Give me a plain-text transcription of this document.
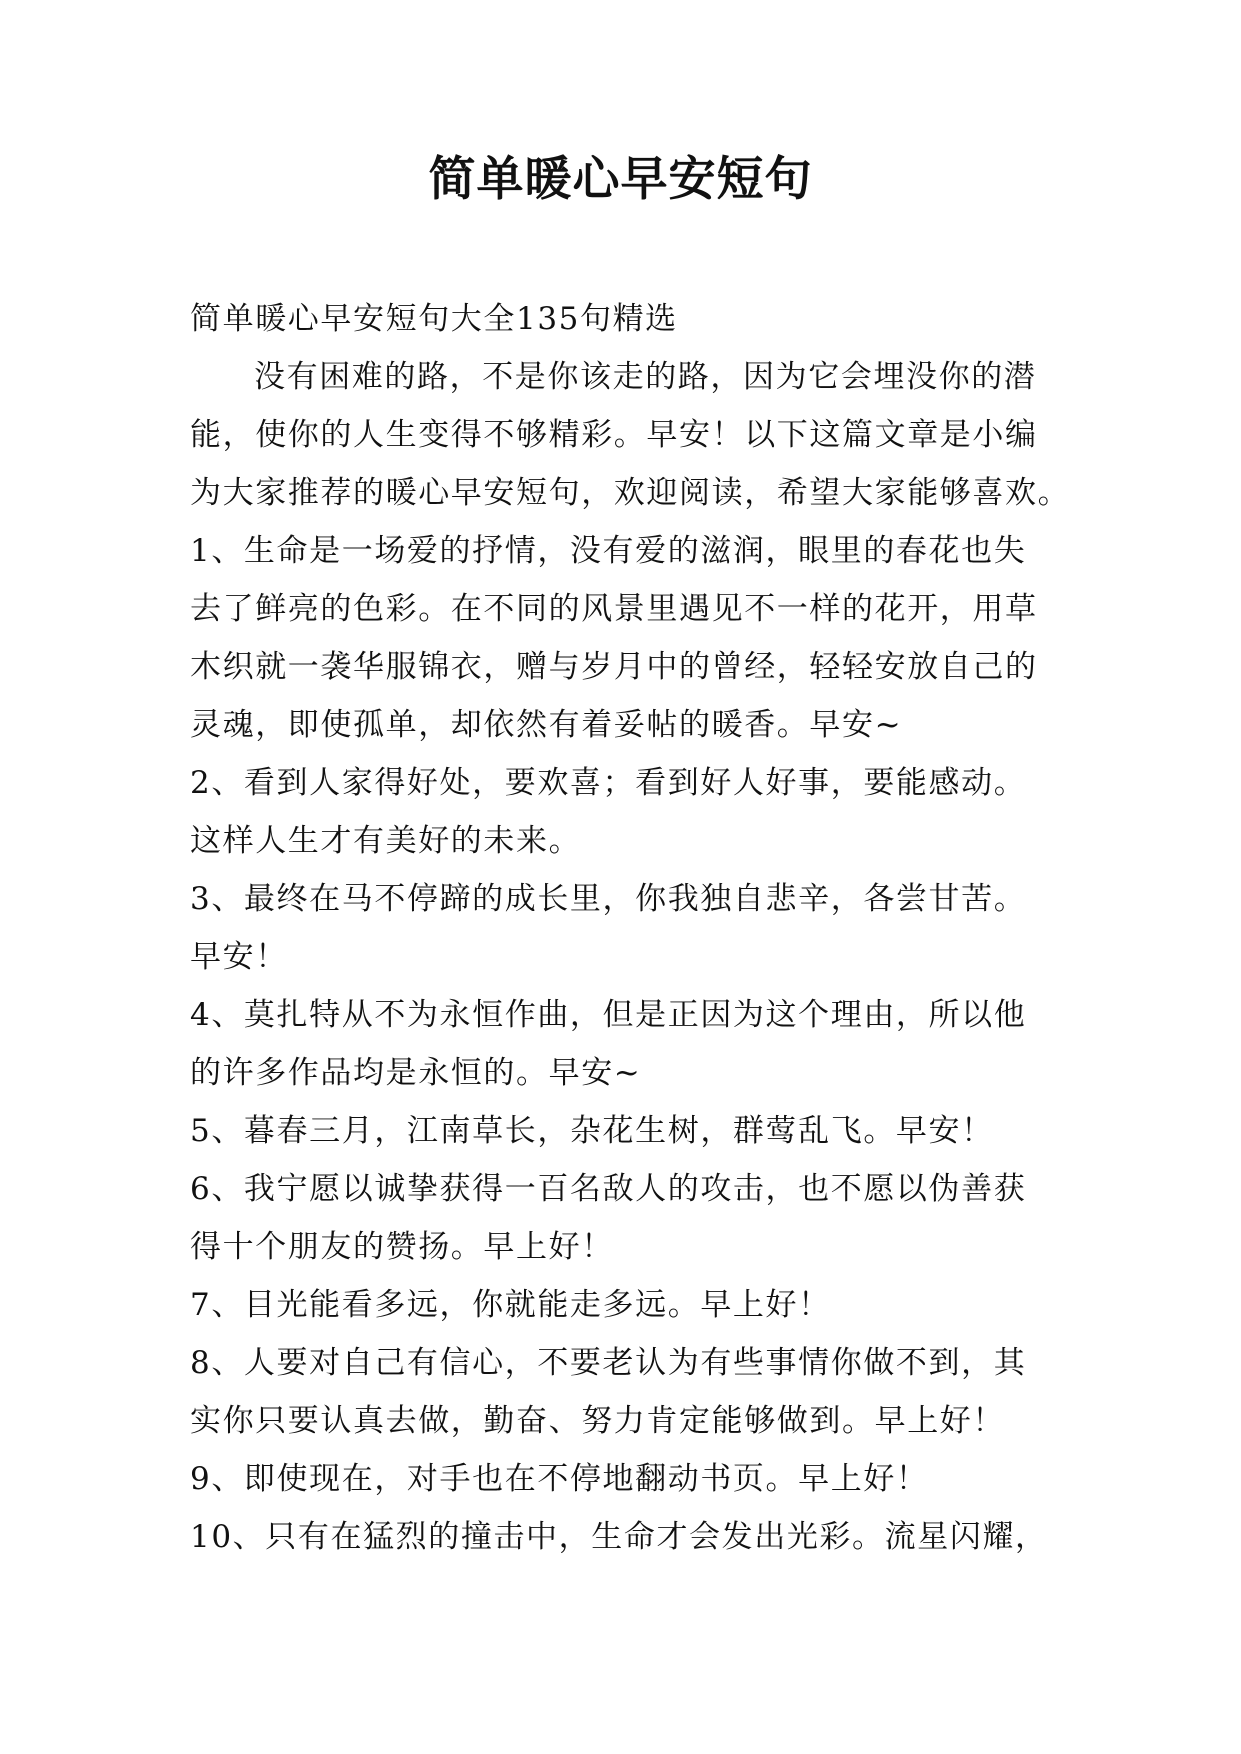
简单暖心早安短句
简单暖心早安短句大全135句精选
没有困难的路，不是你该走的路，因为它会埋没你的潜
能，使你的人生变得不够精彩。早安！以下这篇文章是小编
为大家推荐的暖心早安短句，欢迎阅读，希望大家能够喜欢。
1、生命是一场爱的抒情，没有爱的滋润，眼里的春花也失
去了鲜亮的色彩。在不同的风景里遇见不一样的花开，用草
木织就一袭华服锦衣，赠与岁月中的曾经，轻轻安放自己的
灵魂，即使孤单，却依然有着妥帖的暖香。早安~
2、看到人家得好处，要欢喜；看到好人好事，要能感动。
这样人生才有美好的未来。
3、最终在马不停蹄的成长里，你我独自悲辛，各尝甘苦。
早安！
4、莫扎特从不为永恒作曲，但是正因为这个理由，所以他
的许多作品均是永恒的。早安~
5、暮春三月，江南草长，杂花生树，群莺乱飞。早安！
6、我宁愿以诚挚获得一百名敌人的攻击，也不愿以伪善获
得十个朋友的赞扬。早上好！
7、目光能看多远，你就能走多远。早上好！
8、人要对自己有信心，不要老认为有些事情你做不到，其
实你只要认真去做，勤奋、努力肯定能够做到。早上好！
9、即使现在，对手也在不停地翻动书页。早上好！
10、只有在猛烈的撞击中，生命才会发出光彩。流星闪耀，
